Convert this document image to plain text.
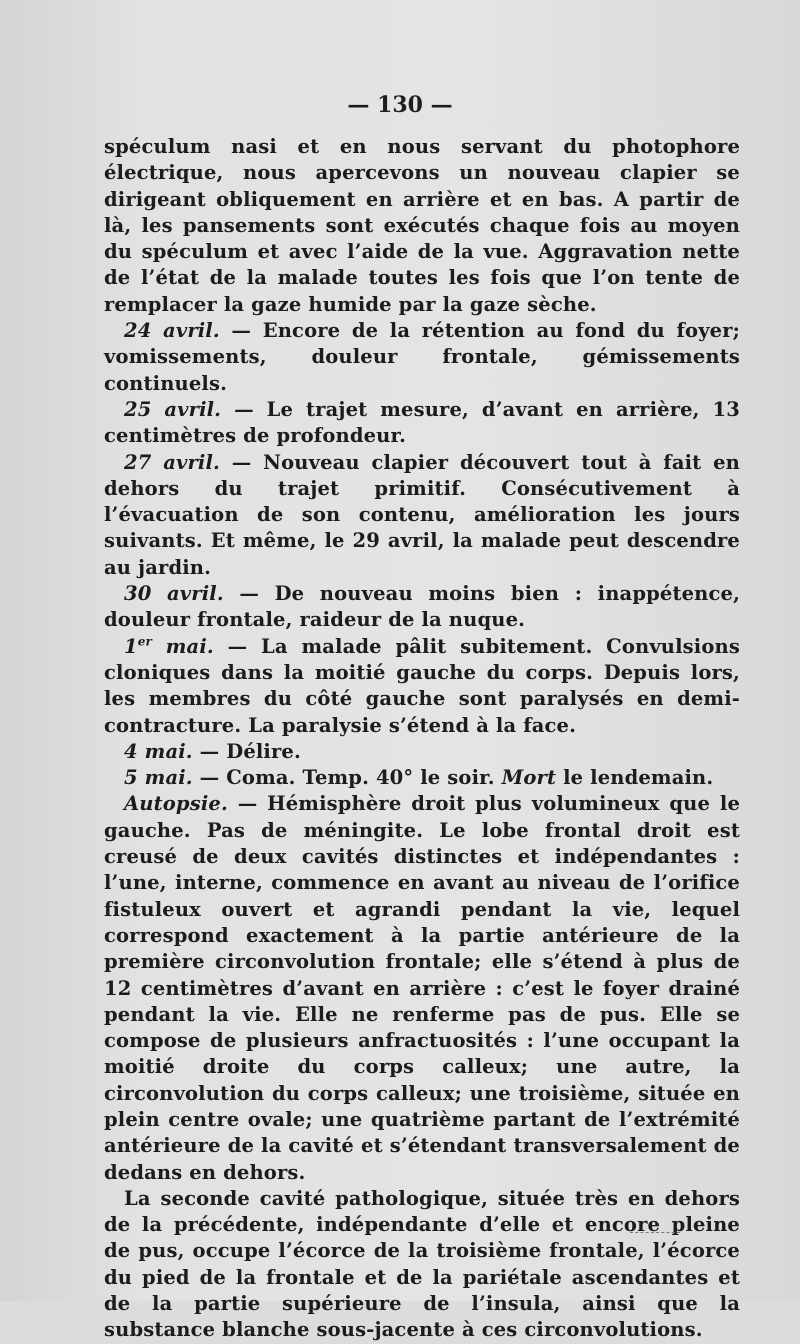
— 130 —

spéculum nasi et en nous servant du photophore électrique, nous apercevons un nouveau clapier se dirigeant obliquement en arrière et en bas. A partir de là, les pansements sont exécutés chaque fois au moyen du spéculum et avec l’aide de la vue. Aggravation nette de l’état de la malade toutes les fois que l’on tente de remplacer la gaze humide par la gaze sèche.

24 avril. — Encore de la rétention au fond du foyer; vomissements, douleur frontale, gémissements continuels.

25 avril. — Le trajet mesure, d’avant en arrière, 13 centimètres de profondeur.

27 avril. — Nouveau clapier découvert tout à fait en dehors du trajet primitif. Consécutivement à l’évacuation de son contenu, amélioration les jours suivants. Et même, le 29 avril, la malade peut descendre au jardin.

30 avril. — De nouveau moins bien : inappétence, douleur frontale, raideur de la nuque.

1er mai. — La malade pâlit subitement. Convulsions cloniques dans la moitié gauche du corps. Depuis lors, les membres du côté gauche sont paralysés en demi-contracture. La paralysie s’étend à la face.

4 mai. — Délire.

5 mai. — Coma. Temp. 40° le soir. Mort le lendemain.

Autopsie. — Hémisphère droit plus volumineux que le gauche. Pas de méningite. Le lobe frontal droit est creusé de deux cavités distinctes et indépendantes : l’une, interne, commence en avant au niveau de l’orifice fistuleux ouvert et agrandi pendant la vie, lequel correspond exactement à la partie antérieure de la première circonvolution frontale; elle s’étend à plus de 12 centimètres d’avant en arrière : c’est le foyer drainé pendant la vie. Elle ne renferme pas de pus. Elle se compose de plusieurs anfractuosités : l’une occupant la moitié droite du corps calleux; une autre, la circonvolution du corps calleux; une troisième, située en plein centre ovale; une quatrième partant de l’extrémité antérieure de la cavité et s’étendant transversalement de dedans en dehors.

La seconde cavité pathologique, située très en dehors de la précédente, indépendante d’elle et encore pleine de pus, occupe l’écorce de la troisième frontale, l’écorce du pied de la frontale et de la pariétale ascendantes et de la partie supérieure de l’insula, ainsi que la substance blanche sous-jacente à ces circonvolutions.
